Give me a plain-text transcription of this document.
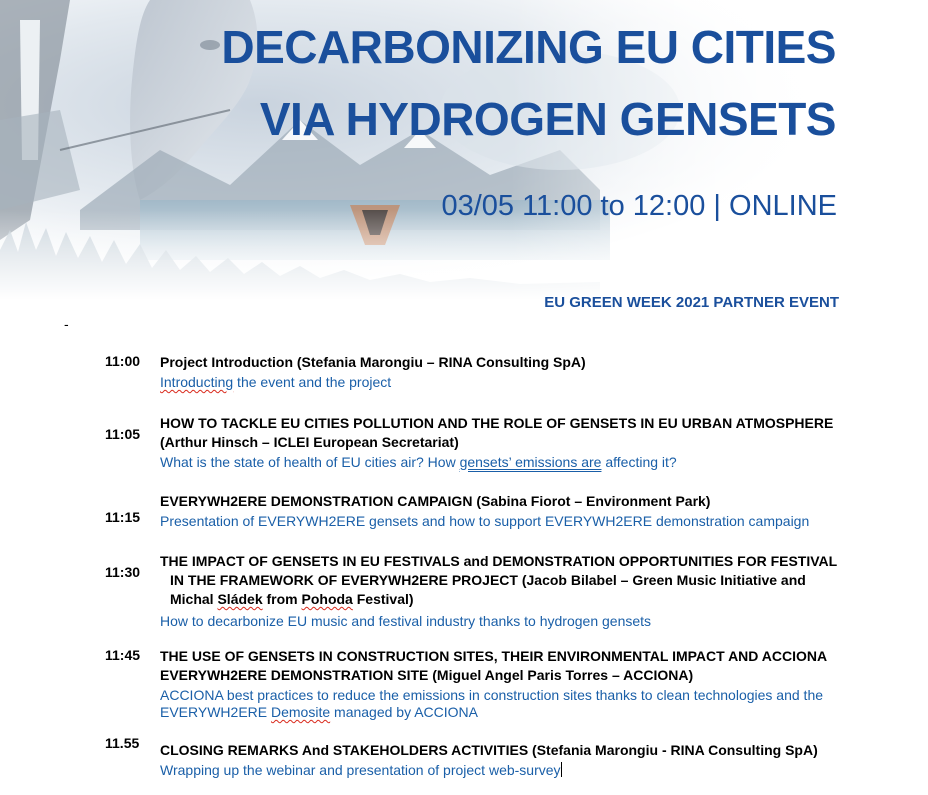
DECARBONIZING EU CITIES
VIA HYDROGEN GENSETS
03/05 11:00 to 12:00 | ONLINE
EU GREEN WEEK 2021 PARTNER EVENT
-
11:00 Project Introduction (Stefania Marongiu – RINA Consulting SpA)

Introducting the event and the project

11:05

HOW TO TACKLE EU CITIES POLLUTION AND THE ROLE OF GENSETS IN EU URBAN ATMOSPHERE

(Arthur Hinsch – ICLEI European Secretariat)

What is the state of health of EU cities air? How gensets’ emissions are affecting it?

11:15

EVERYWH2ERE DEMONSTRATION CAMPAIGN (Sabina Fiorot – Environment Park)

Presentation of EVERYWH2ERE gensets and how to support EVERYWH2ERE demonstration campaign

11:30

THE IMPACT OF GENSETS IN EU FESTIVALS and DEMONSTRATION OPPORTUNITIES FOR FESTIVAL

IN THE FRAMEWORK OF EVERYWH2ERE PROJECT (Jacob Bilabel – Green Music Initiative and

Michal Sládek from Pohoda Festival)

How to decarbonize EU music and festival industry thanks to hydrogen gensets

11:45 THE USE OF GENSETS IN CONSTRUCTION SITES, THEIR ENVIRONMENTAL IMPACT AND ACCIONA

EVERYWH2ERE DEMONSTRATION SITE (Miguel Angel Paris Torres – ACCIONA)

ACCIONA best practices to reduce the emissions in construction sites thanks to clean technologies and the

EVERYWH2ERE Demosite managed by ACCIONA

11.55 CLOSING REMARKS And STAKEHOLDERS ACTIVITIES (Stefania Marongiu - RINA Consulting SpA)

Wrapping up the webinar and presentation of project web-survey
